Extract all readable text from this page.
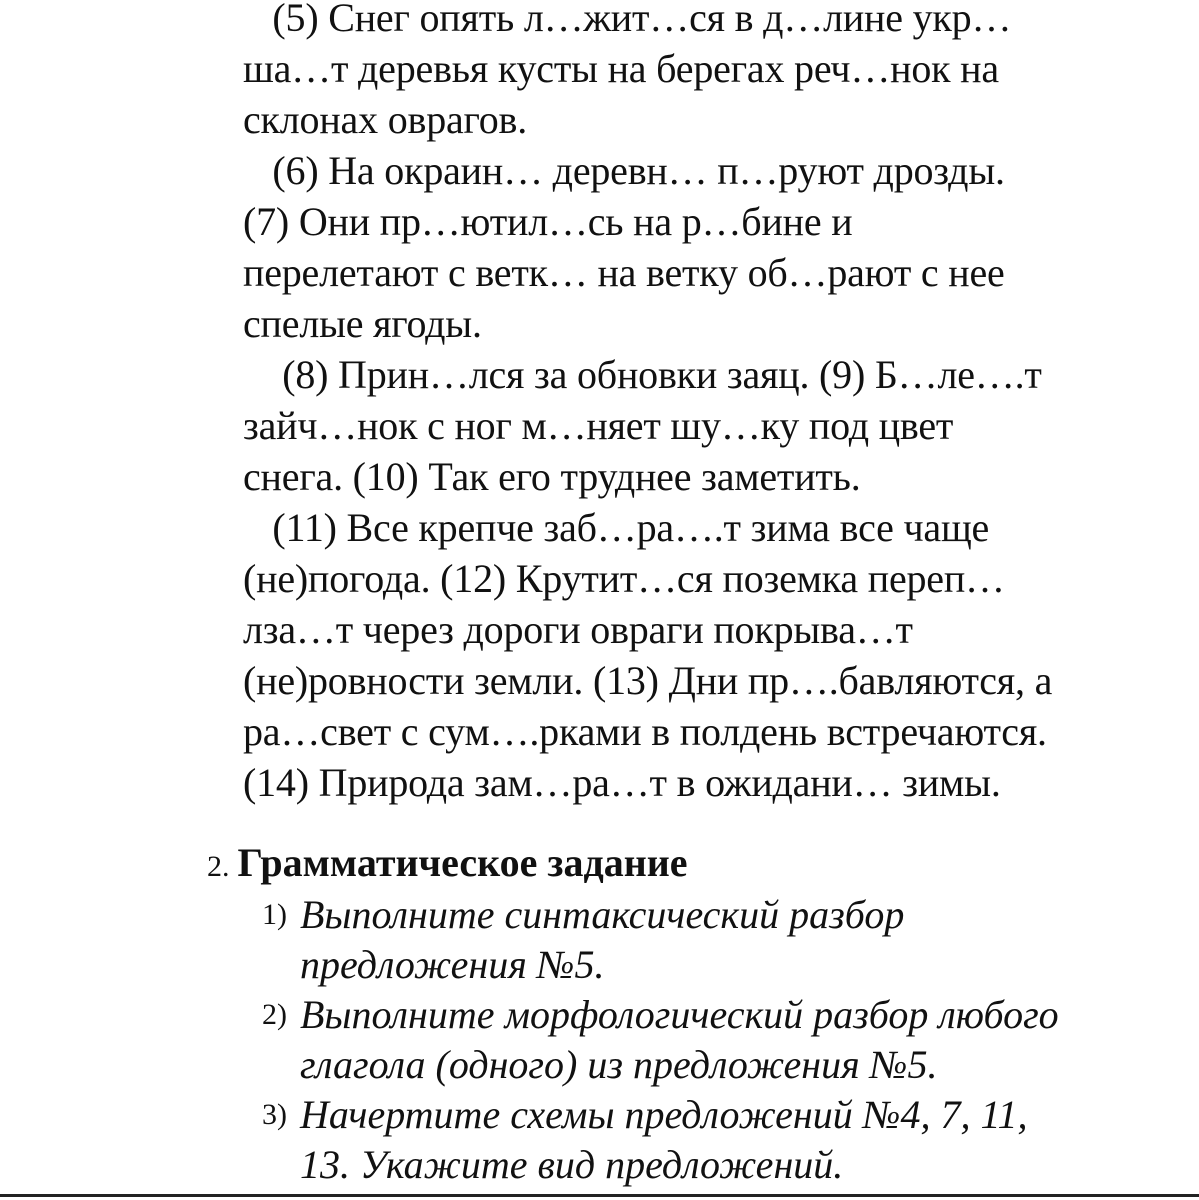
(5) Снег опять л…жит…ся в д…лине укр…
ша…т деревья кусты на берегах реч…нок на
склонах оврагов.
(6) На окраин… деревн… п…руют дрозды.
(7) Они пр…ютил…сь на р…бине и
перелетают с ветк… на ветку об…рают с нее
спелые ягоды.
(8) Прин…лся за обновки заяц. (9) Б…ле….т
зайч…нок с ног м…няет шу…ку под цвет
снега. (10) Так его труднее заметить.
(11) Все крепче заб…ра….т зима все чаще
(не)погода. (12) Крутит…ся поземка переп…
лза…т через дороги овраги покрыва…т
(не)ровности земли. (13) Дни пр….бавляются, а
ра…свет с сум….рками в полдень встречаются.
(14) Природа зам…ра…т в ожидани… зимы.
2. Грамматическое задание
1) Выполните синтаксический разбор
предложения №5.
2) Выполните морфологический разбор любого
глагола (одного) из предложения №5.
3) Начертите схемы предложений №4, 7, 11,
13. Укажите вид предложений.
